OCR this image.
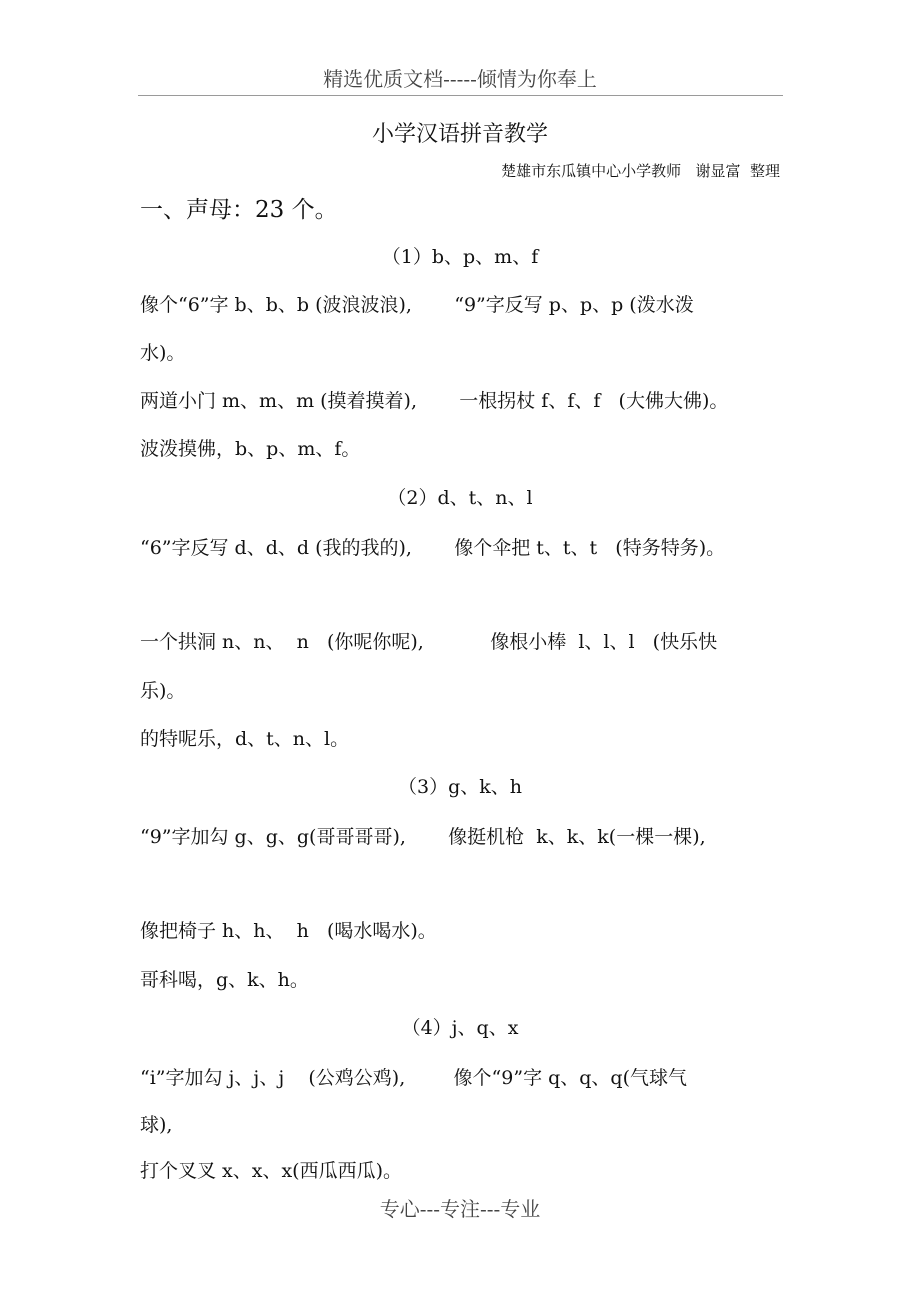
精选优质文档-----倾情为你奉上
小学汉语拼音教学
楚雄市东瓜镇中心小学教师   谢显富  整理
一、声母：23 个。
（1）b、p、m、f
像个“6”字 b、b、b (波浪波浪),       “9”字反写 p、p、p (泼水泼
水)。
两道小门 m、m、m (摸着摸着),       一根拐杖 f、f、f   (大佛大佛)。
波泼摸佛，b、p、m、f。
（2）d、t、n、l
“6”字反写 d、d、d (我的我的),       像个伞把 t、t、t   (特务特务)。
一个拱洞 n、n、  n   (你呢你呢),           像根小棒  l、l、l   (快乐快
乐)。
的特呢乐，d、t、n、l。
（3）g、k、h
“9”字加勾 g、g、g(哥哥哥哥),       像挺机枪  k、k、k(一棵一棵),
像把椅子 h、h、  h   (喝水喝水)。
哥科喝，g、k、h。
（4）j、q、x
“i”字加勾 j、j、j    (公鸡公鸡),        像个“9”字 q、q、q(气球气
球),
打个叉叉 x、x、x(西瓜西瓜)。
专心---专注---专业
